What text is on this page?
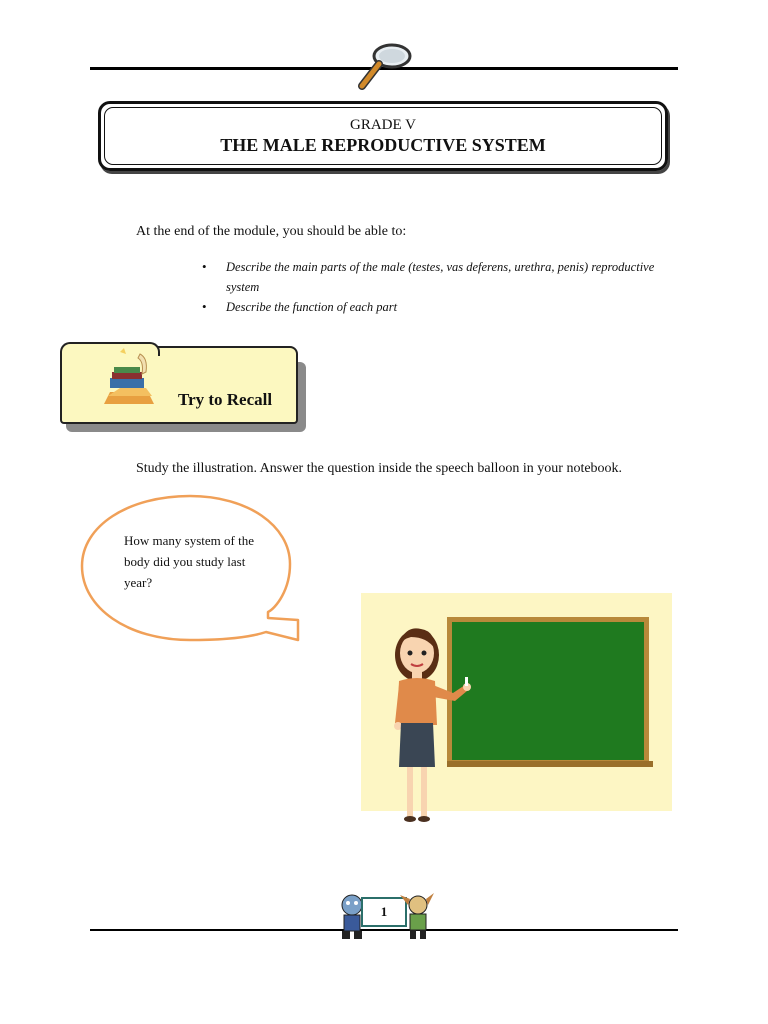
GRADE V
THE MALE REPRODUCTIVE SYSTEM
At the end of the module, you should be able to:
• Describe the main parts of the male (testes, vas deferens, urethra, penis) reproductive system
• Describe the function of each part
Try to Recall
Study the illustration. Answer the question inside the speech balloon in your notebook.
How many system of the body did you study last year?
1
